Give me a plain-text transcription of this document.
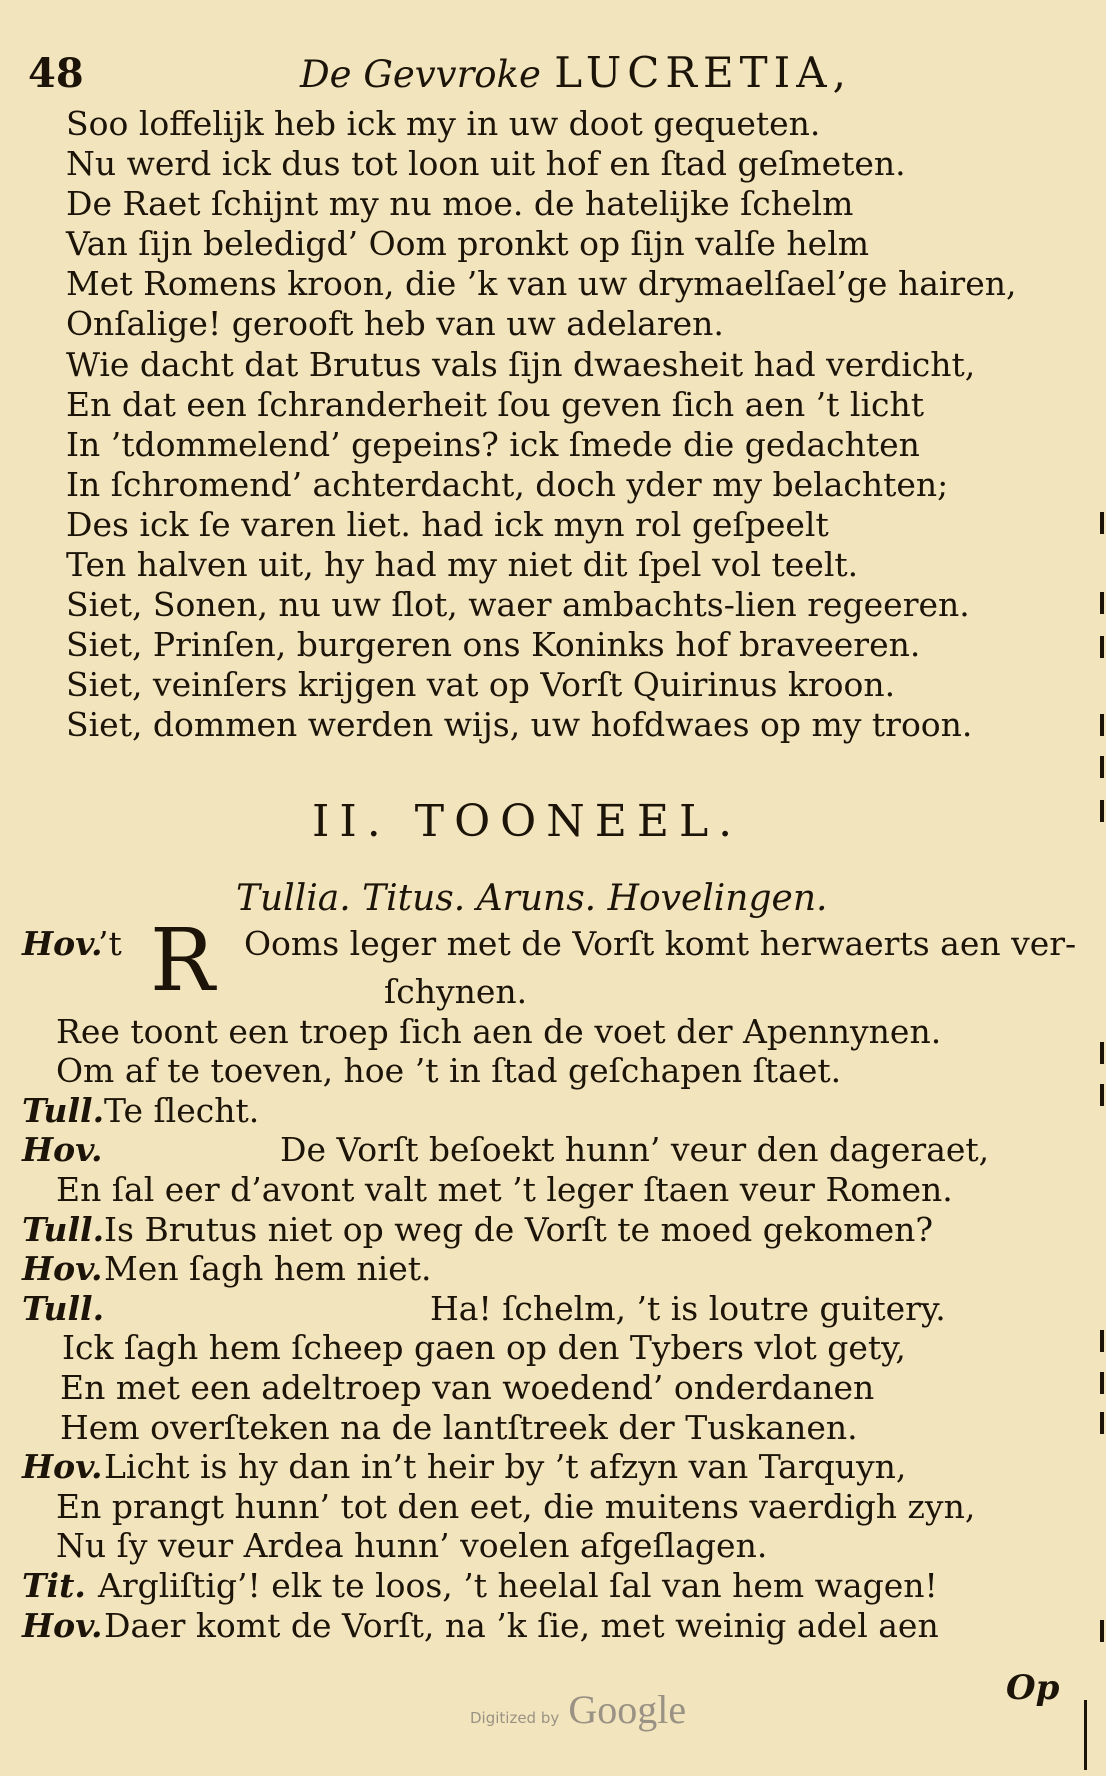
48	De Gevvroke LUCRETIA,
Soo loffelijk heb ick my in uw doot gequeten.
Nu werd ick dus tot loon uit hof en ſtad geſmeten.
De Raet ſchijnt my nu moe. de hatelijke ſchelm
Van ſijn beledigd’ Oom pronkt op ſijn valſe helm
Met Romens kroon, die ’k van uw drymaelſael’ge hairen,
Onſalige! gerooft heb van uw adelaren.
Wie dacht dat Brutus vals ſijn dwaesheit had verdicht,
En dat een ſchranderheit ſou geven ſich aen ’t licht
In ’tdommelend’ gepeins? ick ſmede die gedachten
In ſchromend’ achterdacht, doch yder my belachten;
Des ick ſe varen liet. had ick myn rol geſpeelt
Ten halven uit, hy had my niet dit ſpel vol teelt.
Siet, Sonen, nu uw ſlot, waer ambachts-lien regeeren.
Siet, Prinſen, burgeren ons Koninks hof braveeren.
Siet, veinſers krijgen vat op Vorſt Quirinus kroon.
Siet, dommen werden wijs, uw hofdwaes op my troon.
II. TOONEEL.
Tullia. Titus. Aruns. Hovelingen.
Hov.
’t R Ooms leger met de Vorſt komt herwaerts aen ver-
ſchynen.
Ree toont een troep ſich aen de voet der Apennynen.
Om af te toeven, hoe ’t in ſtad geſchapen ſtaet.
Tull. Te ſlecht.
Hov.	De Vorſt beſoekt hunn’ veur den dageraet,
En ſal eer d’avont valt met ’t leger ſtaen veur Romen.
Tull. Is Brutus niet op weg de Vorſt te moed gekomen?
Hov. Men ſagh hem niet.
Tull.	Ha! ſchelm, ’t is loutre guitery.
Ick ſagh hem ſcheep gaen op den Tybers vlot gety,
En met een adeltroep van woedend’ onderdanen
Hem overſteken na de lantſtreek der Tuskanen.
Hov. Licht is hy dan in’t heir by ’t afzyn van Tarquyn,
En prangt hunn’ tot den eet, die muitens vaerdigh zyn,
Nu ſy veur Ardea hunn’ voelen afgeſlagen.
Tit. Argliſtig’! elk te loos, ’t heelal ſal van hem wagen!
Hov. Daer komt de Vorſt, na ’k ſie, met weinig adel aen
Op
Digitized by Google
